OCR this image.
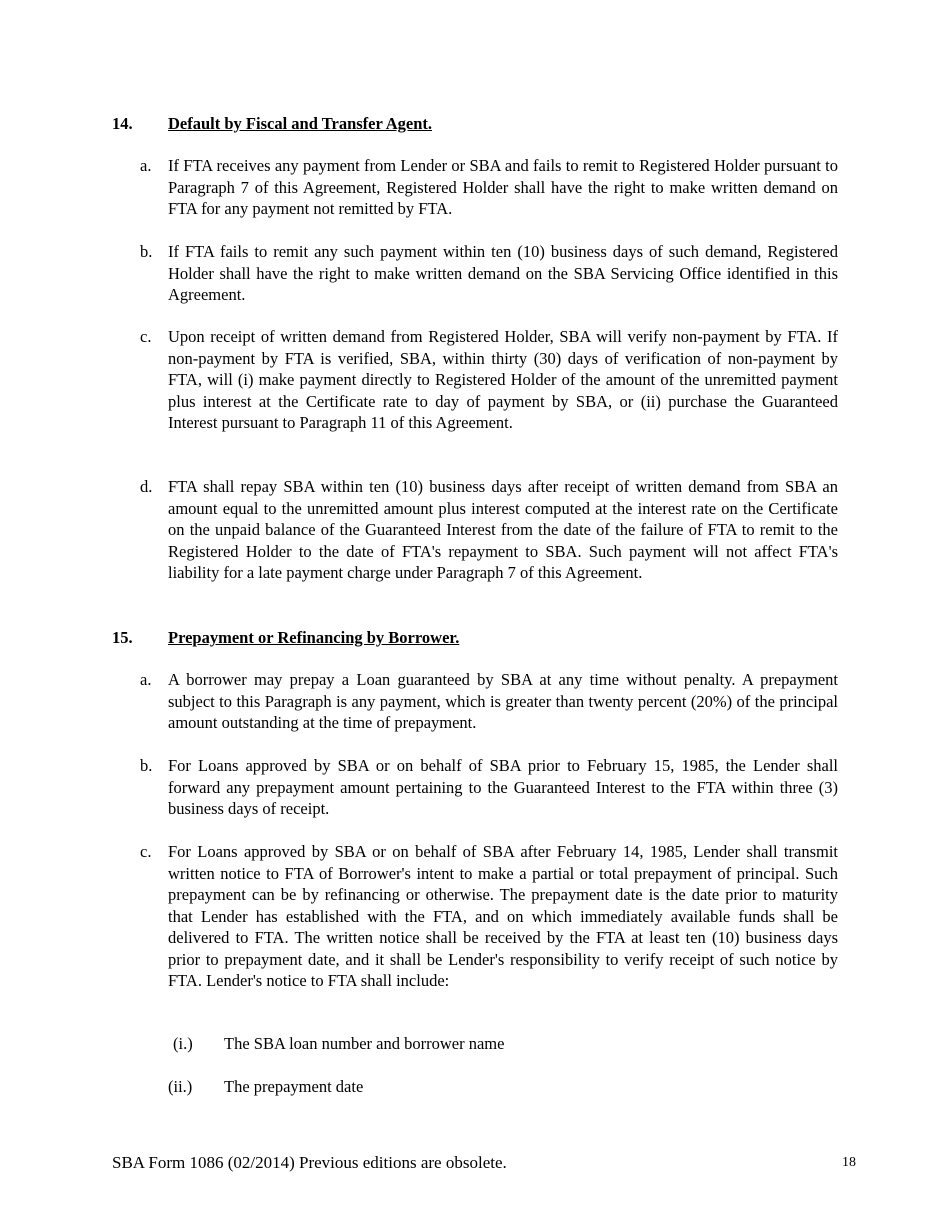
14. Default by Fiscal and Transfer Agent.
a.	If FTA receives any payment from Lender or SBA and fails to remit to Registered Holder pursuant to Paragraph 7 of this Agreement, Registered Holder shall have the right to make written demand on FTA for any payment not remitted by FTA.
b. If FTA fails to remit any such payment within ten (10) business days of such demand, Registered Holder shall have the right to make written demand on the SBA Servicing Office identified in this Agreement.
c.	Upon receipt of written demand from Registered Holder, SBA will verify non-payment by FTA. If non-payment by FTA is verified, SBA, within thirty (30) days of verification of non-payment by FTA, will (i) make payment directly to Registered Holder of the amount of the unremitted payment plus interest at the Certificate rate to day of payment by SBA, or (ii) purchase the Guaranteed Interest pursuant to Paragraph 11 of this Agreement.
d. FTA shall repay SBA within ten (10) business days after receipt of written demand from SBA an amount equal to the unremitted amount plus interest computed at the interest rate on the Certificate on the unpaid balance of the Guaranteed Interest from the date of the failure of FTA to remit to the Registered Holder to the date of FTA's repayment to SBA. Such payment will not affect FTA's liability for a late payment charge under Paragraph 7 of this Agreement.
15. Prepayment or Refinancing by Borrower.
a.	A borrower may prepay a Loan guaranteed by SBA at any time without penalty. A prepayment subject to this Paragraph is any payment, which is greater than twenty percent (20%) of the principal amount outstanding at the time of prepayment.
b. For Loans approved by SBA or on behalf of SBA prior to February 15, 1985, the Lender shall forward any prepayment amount pertaining to the Guaranteed Interest to the FTA within three (3) business days of receipt.
c.	For Loans approved by SBA or on behalf of SBA after February 14, 1985, Lender shall transmit written notice to FTA of Borrower's intent to make a partial or total prepayment of principal. Such prepayment can be by refinancing or otherwise. The prepayment date is the date prior to maturity that Lender has established with the FTA, and on which immediately available funds shall be delivered to FTA. The written notice shall be received by the FTA at least ten (10) business days prior to prepayment date, and it shall be Lender's responsibility to verify receipt of such notice by FTA. Lender's notice to FTA shall include:
(i.) The SBA loan number and borrower name
(ii.) The prepayment date
SBA Form 1086 (02/2014) Previous editions are obsolete.	18
